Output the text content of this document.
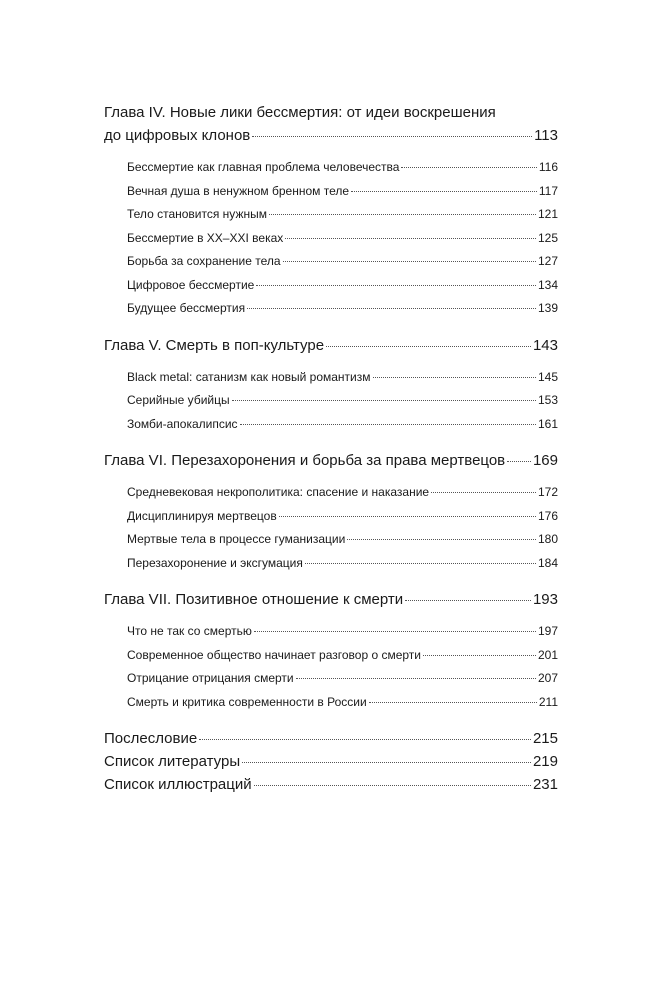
Глава IV. Новые лики бессмертия: от идеи воскрешения
до цифровых клонов	113
Бессмертие как главная проблема человечества	116
Вечная душа в ненужном бренном теле	117
Тело становится нужным	121
Бессмертие в XX–XXI веках	125
Борьба за сохранение тела	127
Цифровое бессмертие	134
Будущее бессмертия	139
Глава V. Смерть в поп-культуре	143
Black metal: сатанизм как новый романтизм	145
Серийные убийцы	153
Зомби-апокалипсис	161
Глава VI. Перезахоронения и борьба за права мертвецов 169
Средневековая некрополитика: спасение и наказание	172
Дисциплинируя мертвецов	176
Мертвые тела в процессе гуманизации	180
Перезахоронение и эксгумация	184
Глава VII. Позитивное отношение к смерти	193
Что не так со смертью	197
Современное общество начинает разговор о смерти	201
Отрицание отрицания смерти	207
Смерть и критика современности в России	211
Послесловие	215
Список литературы	219
Список иллюстраций	231
